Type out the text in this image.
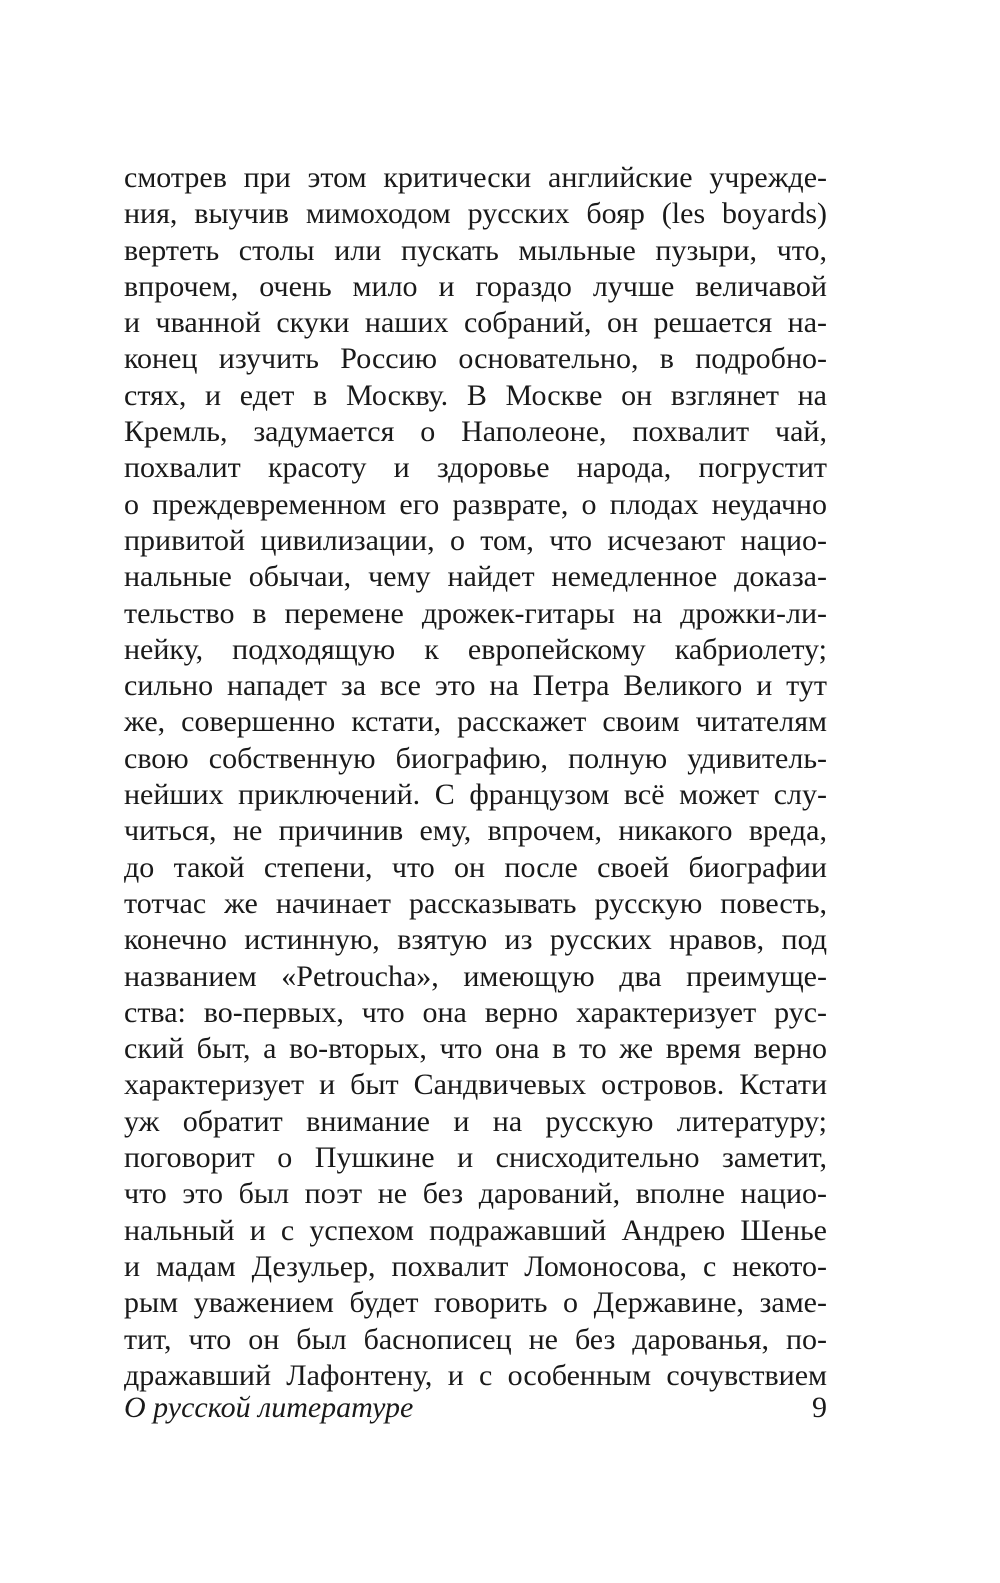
смотрев при этом критически английские учрежде-
ния, выучив мимоходом русских бояр (les boyards)
вертеть столы или пускать мыльные пузыри, что,
впрочем, очень мило и гораздо лучше величавой
и чванной скуки наших собраний, он решается на-
конец изучить Россию основательно, в подробно-
стях, и едет в Москву. В Москве он взглянет на
Кремль, задумается о Наполеоне, похвалит чай,
похвалит красоту и здоровье народа, погрустит
о преждевременном его разврате, о плодах неудачно
привитой цивилизации, о том, что исчезают нацио-
нальные обычаи, чему найдет немедленное доказа-
тельство в перемене дрожек-гитары на дрожки-ли-
нейку, подходящую к европейскому кабриолету;
сильно нападет за все это на Петра Великого и тут
же, совершенно кстати, расскажет своим читателям
свою собственную биографию, полную удивитель-
нейших приключений. С французом всё может слу-
читься, не причинив ему, впрочем, никакого вреда,
до такой степени, что он после своей биографии
тотчас же начинает рассказывать русскую повесть,
конечно истинную, взятую из русских нравов, под
названием «Petroucha», имеющую два преимуще-
ства: во-первых, что она верно характеризует рус-
ский быт, а во-вторых, что она в то же время верно
характеризует и быт Сандвичевых островов. Кстати
уж обратит внимание и на русскую литературу;
поговорит о Пушкине и снисходительно заметит,
что это был поэт не без дарований, вполне нацио-
нальный и с успехом подражавший Андрею Шенье
и мадам Дезульер, похвалит Ломоносова, с некото-
рым уважением будет говорить о Державине, заме-
тит, что он был баснописец не без дарованья, по-
дражавший Лафонтену, и с особенным сочувствием
О русской литературе	9
